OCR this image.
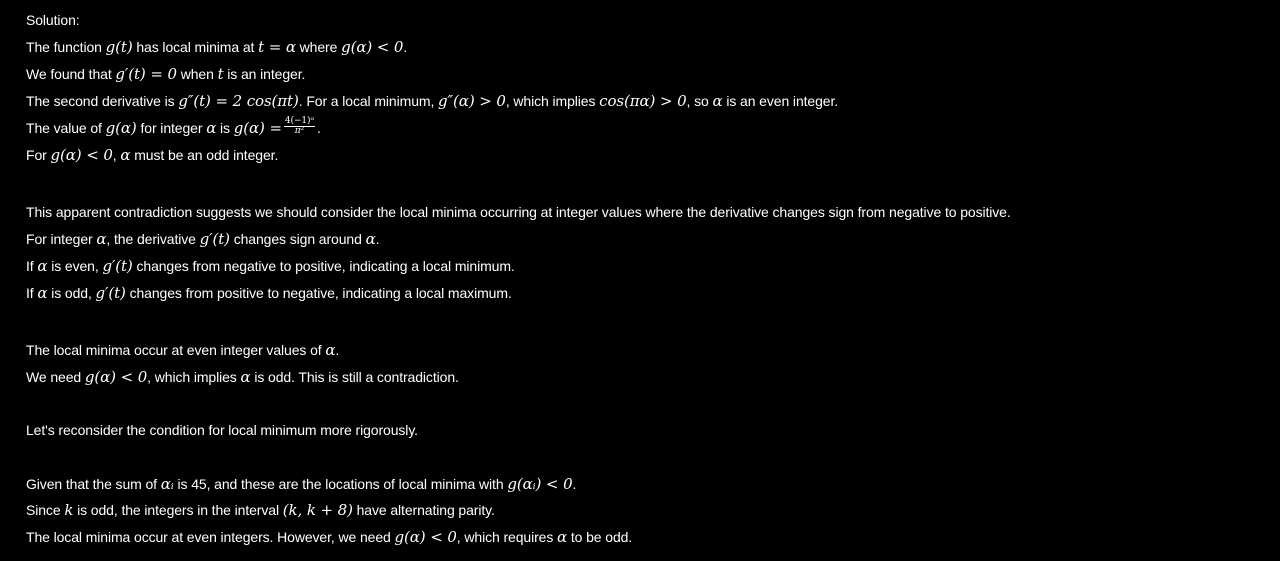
Solution:
The function g(t) has local minima at t = α where g(α) < 0.
We found that g′(t) = 0 when t is an integer.
The second derivative is g″(t) = 2 cos(πt). For a local minimum, g″(α) > 0, which implies cos(πα) > 0, so α is an even integer.
The value of g(α) for integer α is $g(\alpha) = \frac{\text{4(−1)ᵅ}}{\text{π²}}$ .
For g(α) < 0, α must be an odd integer.
This apparent contradiction suggests we should consider the local minima occurring at integer values where the derivative changes sign from negative to positive.
For integer α, the derivative g′(t) changes sign around α.
If α is even, g′(t) changes from negative to positive, indicating a local minimum.
If α is odd, g′(t) changes from positive to negative, indicating a local maximum.
The local minima occur at even integer values of α.
We need g(α) < 0, which implies α is odd. This is still a contradiction.
Let's reconsider the condition for local minimum more rigorously.
Given that the sum of αᵢ is 45, and these are the locations of local minima with g(αᵢ) < 0.
Since k is odd, the integers in the interval (k, k + 8) have alternating parity.
The local minima occur at even integers. However, we need g(α) < 0, which requires α to be odd.
